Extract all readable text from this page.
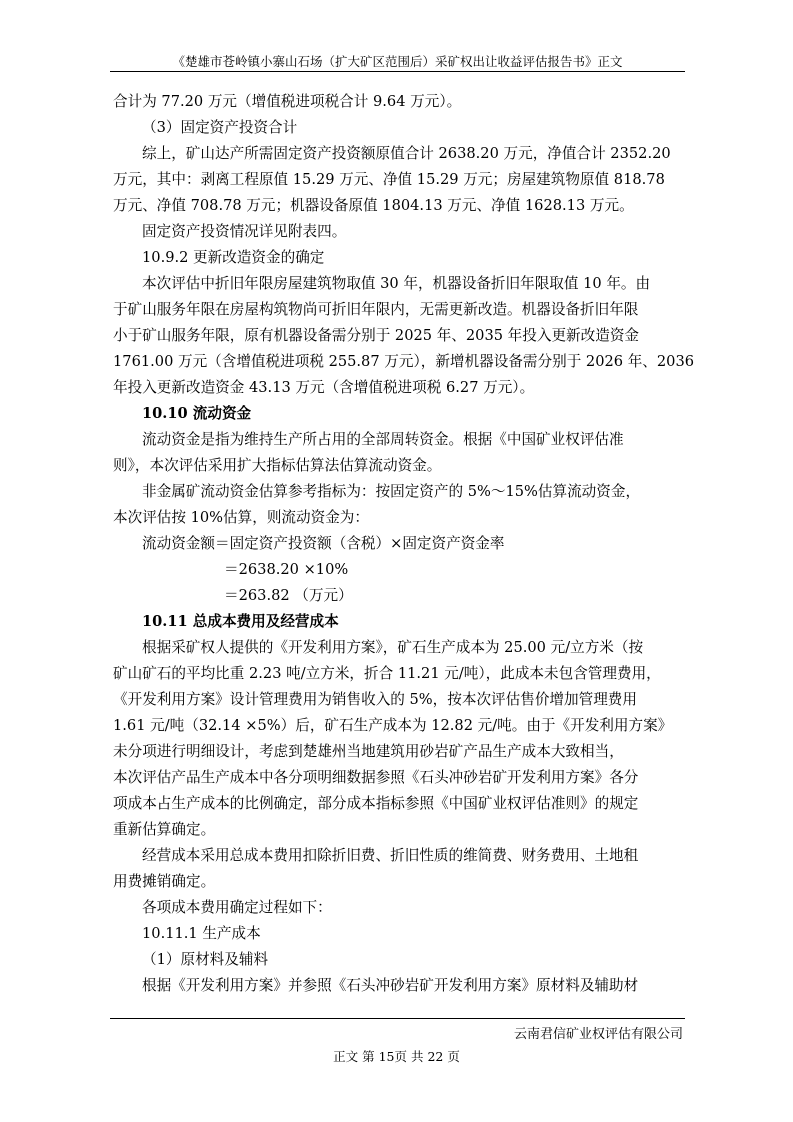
《楚雄市苍岭镇小寨山石场（扩大矿区范围后）采矿权出让收益评估报告书》正文

合计为 77.20 万元（增值税进项税合计 9.64 万元）。

（3）固定资产投资合计

综上，矿山达产所需固定资产投资额原值合计 2638.20 万元，净值合计 2352.20

万元，其中：剥离工程原值 15.29 万元、净值 15.29 万元；房屋建筑物原值 818.78

万元、净值 708.78 万元；机器设备原值 1804.13 万元、净值 1628.13 万元。

固定资产投资情况详见附表四。

10.9.2 更新改造资金的确定

本次评估中折旧年限房屋建筑物取值 30 年，机器设备折旧年限取值 10 年。由

于矿山服务年限在房屋构筑物尚可折旧年限内，无需更新改造。机器设备折旧年限

小于矿山服务年限，原有机器设备需分别于 2025 年、2035 年投入更新改造资金

1761.00 万元（含增值税进项税 255.87 万元），新增机器设备需分别于 2026 年、2036

年投入更新改造资金 43.13 万元（含增值税进项税 6.27 万元）。

10.10 流动资金

流动资金是指为维持生产所占用的全部周转资金。根据《中国矿业权评估准

则》，本次评估采用扩大指标估算法估算流动资金。

非金属矿流动资金估算参考指标为：按固定资产的 5%～15%估算流动资金，

本次评估按 10%估算，则流动资金为：

流动资金额＝固定资产投资额（含税）×固定资产资金率

＝2638.20 ×10%

＝263.82 （万元）

10.11 总成本费用及经营成本

根据采矿权人提供的《开发利用方案》，矿石生产成本为 25.00 元/立方米（按

矿山矿石的平均比重 2.23 吨/立方米，折合 11.21 元/吨），此成本未包含管理费用，

《开发利用方案》设计管理费用为销售收入的 5%，按本次评估售价增加管理费用

1.61 元/吨（32.14 ×5%）后，矿石生产成本为 12.82 元/吨。由于《开发利用方案》

未分项进行明细设计，考虑到楚雄州当地建筑用砂岩矿产品生产成本大致相当，

本次评估产品生产成本中各分项明细数据参照《石头冲砂岩矿开发利用方案》各分

项成本占生产成本的比例确定，部分成本指标参照《中国矿业权评估准则》的规定

重新估算确定。

经营成本采用总成本费用扣除折旧费、折旧性质的维简费、财务费用、土地租

用费摊销确定。

各项成本费用确定过程如下：

10.11.1 生产成本

（1）原材料及辅料

根据《开发利用方案》并参照《石头冲砂岩矿开发利用方案》原材料及辅助材

云南君信矿业权评估有限公司
正文 第 15页 共 22 页
